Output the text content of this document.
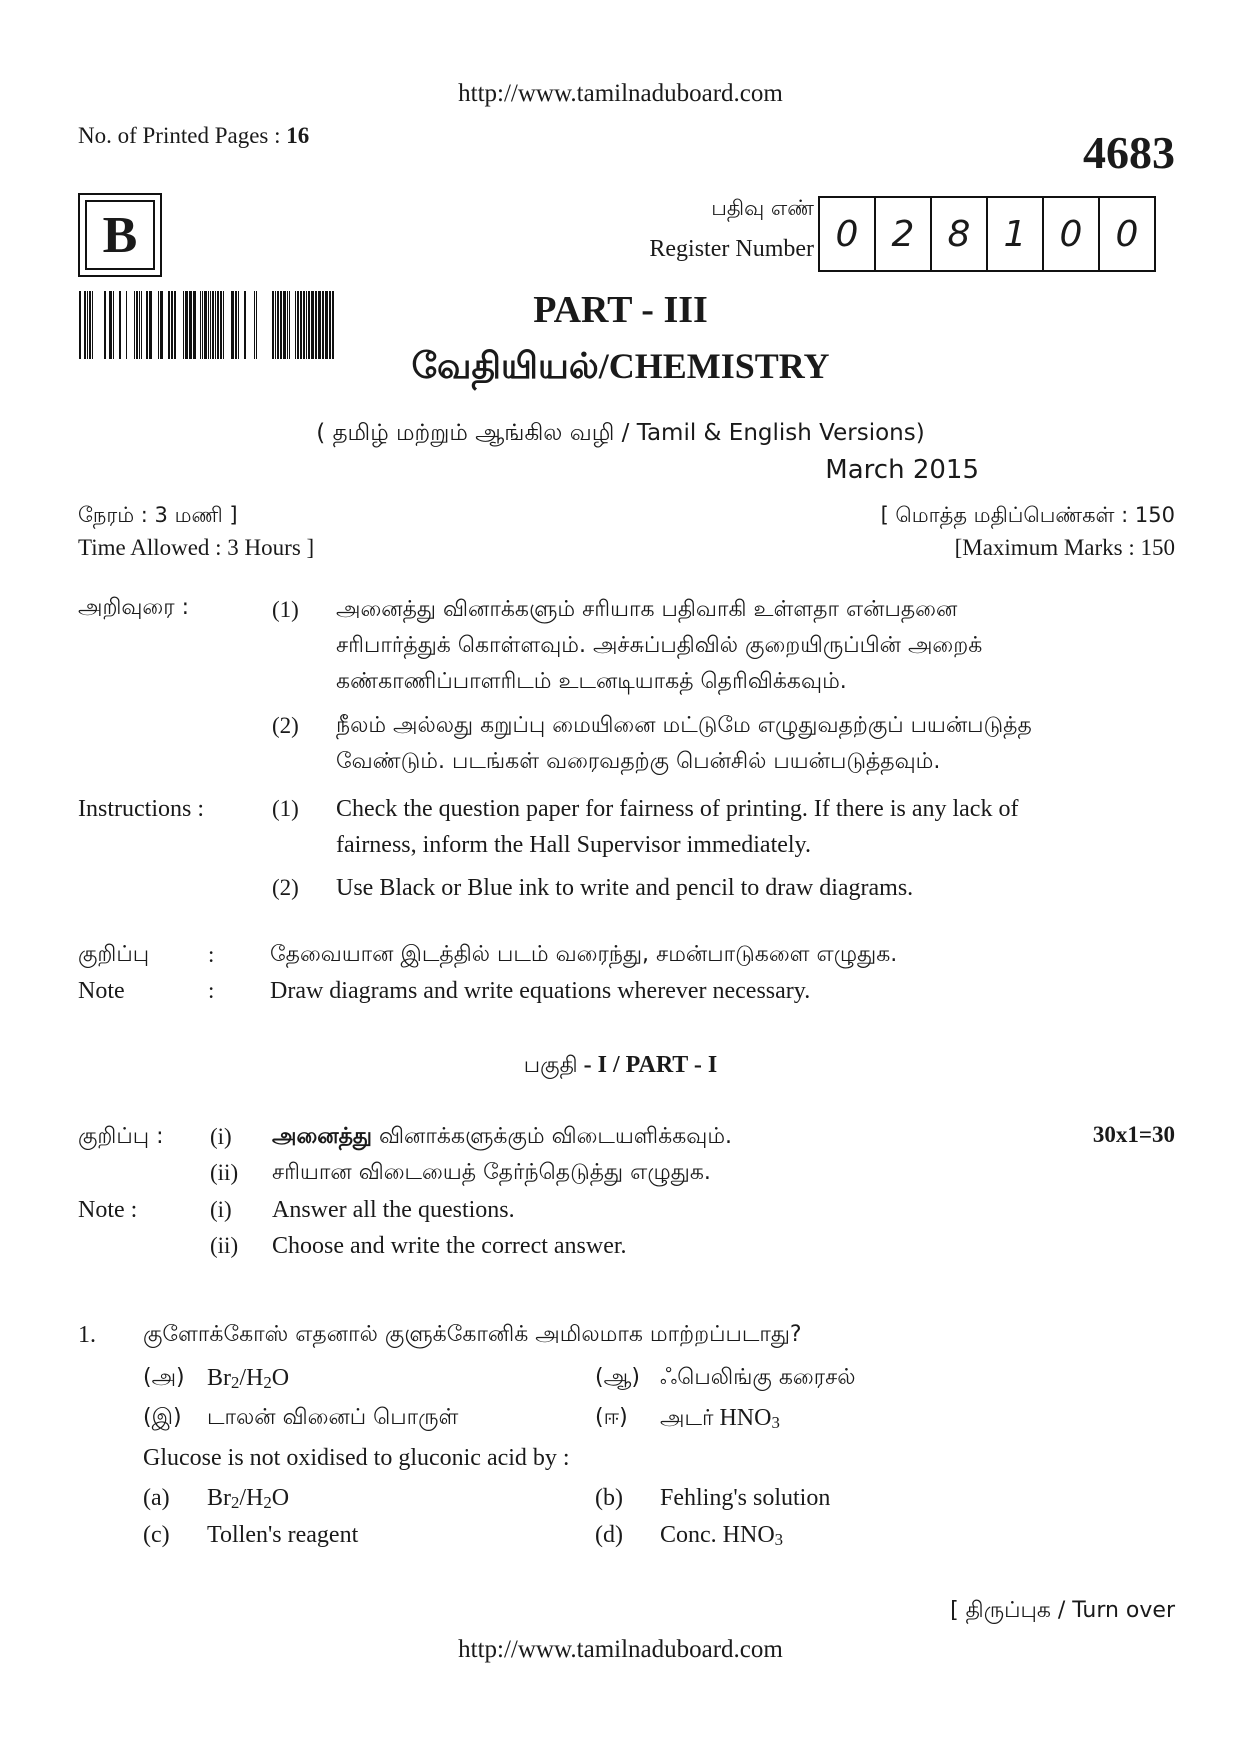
http://www.tamilnaduboard.com
No. of Printed Pages : 16	4683
B	பதிவு எண்
Register Number 0 2 8 1 0 0
PART - III
வேதியியல்/CHEMISTRY
( தமிழ் மற்றும் ஆங்கில வழி / Tamil & English Versions)
March 2015
நேரம் : 3 மணி ]
Time Allowed : 3 Hours ]
[ மொத்த மதிப்பெண்கள் : 150
[Maximum Marks : 150
அறிவுரை :	(1) அனைத்து வினாக்களும் சரியாக பதிவாகி உள்ளதா என்பதனை
சரிபார்த்துக் கொள்ளவும். அச்சுப்பதிவில் குறையிருப்பின் அறைக்
கண்காணிப்பாளரிடம் உடனடியாகத் தெரிவிக்கவும்.
(2) நீலம் அல்லது கறுப்பு மையினை மட்டுமே எழுதுவதற்குப் பயன்படுத்த
வேண்டும். படங்கள் வரைவதற்கு பென்சில் பயன்படுத்தவும்.
Instructions :	(1) Check the question paper for fairness of printing. If there is any lack of
fairness, inform the Hall Supervisor immediately.
(2) Use Black or Blue ink to write and pencil to draw diagrams.
குறிப்பு	:	தேவையான இடத்தில் படம் வரைந்து, சமன்பாடுகளை எழுதுக.
Note	: Draw diagrams and write equations wherever necessary.
பகுதி - I / PART - I
குறிப்பு : (i) அனைத்து வினாக்களுக்கும் விடையளிக்கவும்.	30x1=30
(ii) சரியான விடையைத் தேர்ந்தெடுத்து எழுதுக.
Note :	(i) Answer all the questions.
(ii) Choose and write the correct answer.
1. குளோக்கோஸ் எதனால் குளுக்கோனிக் அமிலமாக மாற்றப்படாது?
(அ) $Br_2/H_2O$	(ஆ) ஃபெலிங்கு கரைசல்
(இ) டாலன் வினைப் பொருள்	(ஈ) அடர் $HNO_3$
Glucose is not oxidised to gluconic acid by :
(a) $Br_2/H_2O$	(b) Fehling's solution
(c) Tollen's reagent	(d) Conc. $HNO_3$
[ திருப்புக / Turn over
http://www.tamilnaduboard.com
